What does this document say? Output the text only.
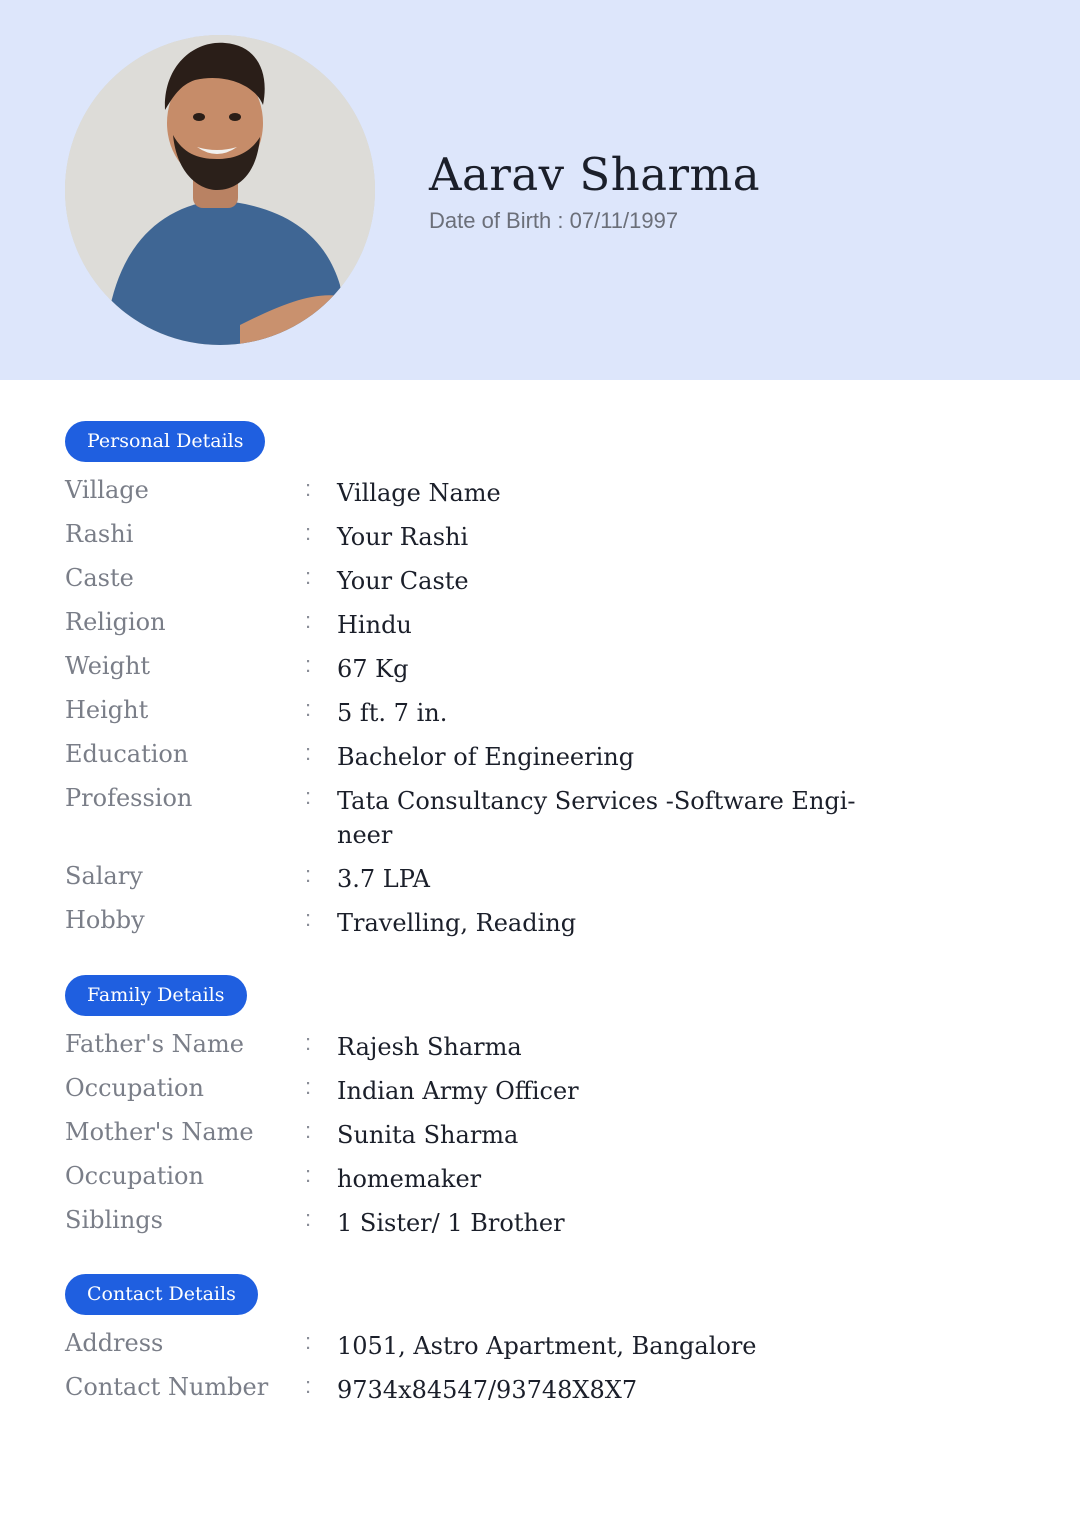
Aarav Sharma
Date of Birth : 07/11/1997
Personal Details
Village	: Village Name
Rashi	: Your Rashi
Caste	: Your Caste
Religion	: Hindu
Weight	: 67 Kg
Height	: 5 ft. 7 in.
Education	: Bachelor of Engineering
Profession	: Tata Consultancy Services -Software Engi-
neer
Salary	: 3.7 LPA
Hobby	: Travelling, Reading
Family Details
Father's Name	: Rajesh Sharma
Occupation	: Indian Army Officer
Mother's Name : Sunita Sharma
Occupation	: homemaker
Siblings	: 1 Sister/ 1 Brother
Contact Details
Address	: 1051, Astro Apartment, Bangalore
Contact Number : 9734x84547/93748X8X7
